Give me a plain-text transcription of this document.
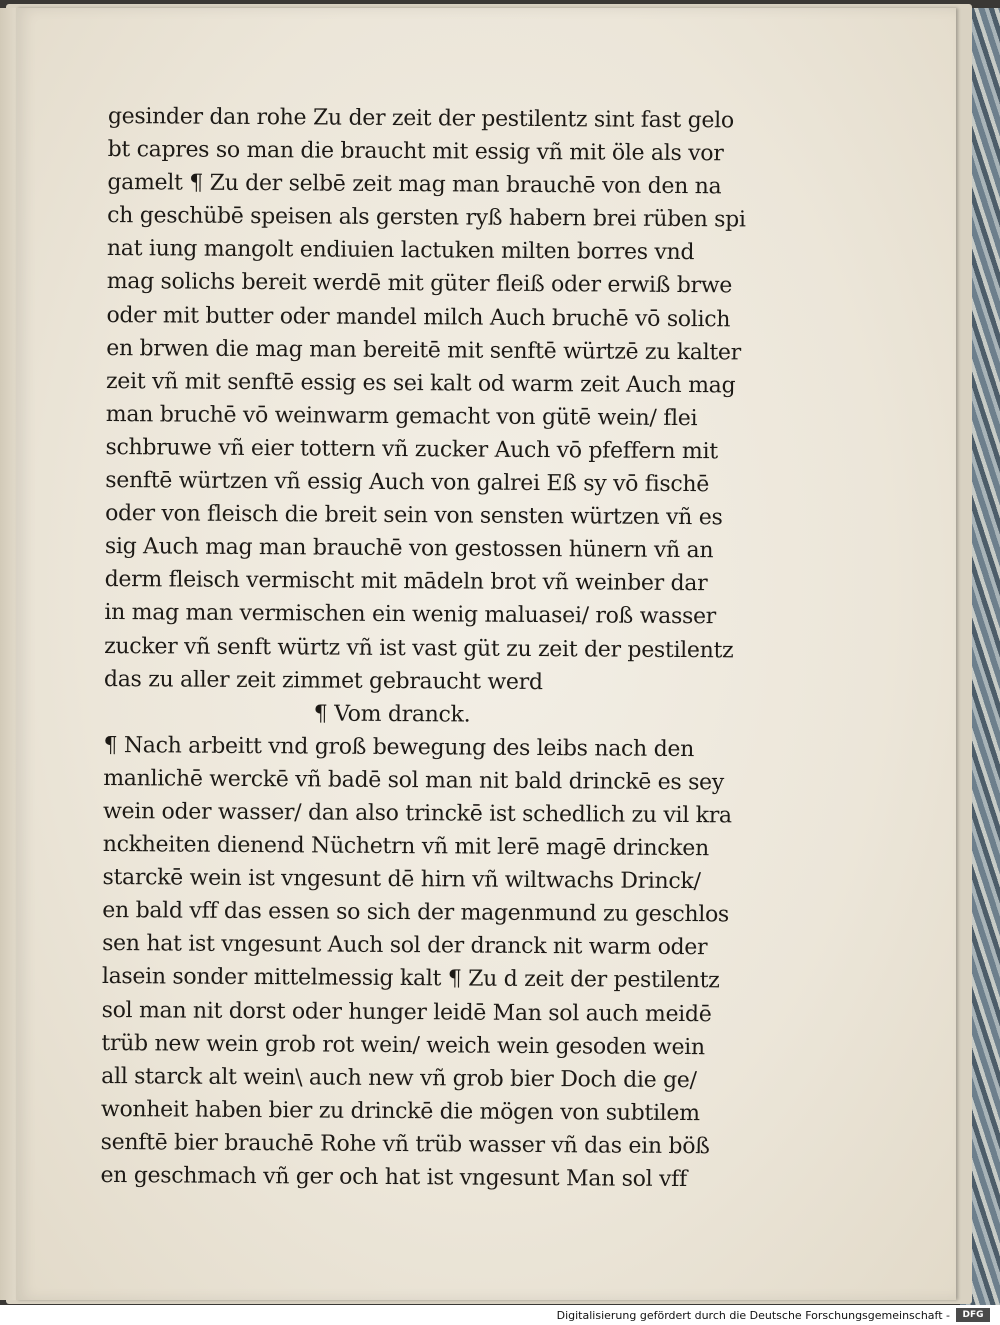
gesinder dan rohe Zu der zeit der pestilentz sint fast gelo
bt capres so man die braucht mit essig vñ mit öle als vor
gamelt ¶ Zu der selbē zeit mag man brauchē von den na
ch geschübē speisen als gersten ryß habern brei rüben spi
nat iung mangolt endiuien lactuken milten borres vnd
mag solichs bereit werdē mit güter fleiß oder erwiß brwe
oder mit butter oder mandel milch Auch bruchē vō solich
en brwen die mag man bereitē mit senftē würtzē zu kalter
zeit vñ mit senftē essig es sei kalt od warm zeit Auch mag
man bruchē vō weinwarm gemacht von gütē wein/ flei
schbruwe vñ eier tottern vñ zucker Auch vō pfeffern mit
senftē würtzen vñ essig Auch von galrei Eß sy vō fischē
oder von fleisch die breit sein von sensten würtzen vñ es
sig Auch mag man brauchē von gestossen hünern vñ an
derm fleisch vermischt mit mādeln brot vñ weinber dar
in mag man vermischen ein wenig maluasei/ roß wasser
zucker vñ senft würtz vñ ist vast güt zu zeit der pestilentz
das zu aller zeit zimmet gebraucht werd
¶ Vom dranck.
¶ Nach arbeitt vnd groß bewegung des leibs nach den
manlichē werckē vñ badē sol man nit bald drinckē es sey
wein oder wasser/ dan also trinckē ist schedlich zu vil kra
nckheiten dienend Nüchetrn vñ mit lerē magē drincken
starckē wein ist vngesunt dē hirn vñ wiltwachs Drinck/
en bald vff das essen so sich der magenmund zu geschlos
sen hat ist vngesunt Auch sol der dranck nit warm oder
lasein sonder mittelmessig kalt ¶ Zu d zeit der pestilentz
sol man nit dorst oder hunger leidē Man sol auch meidē
trüb new wein grob rot wein/ weich wein gesoden wein
all starck alt wein\ auch new vñ grob bier Doch die ge/
wonheit haben bier zu drinckē die mögen von subtilem
senftē bier brauchē Rohe vñ trüb wasser vñ das ein böß
en geschmach vñ ger och hat ist vngesunt Man sol vff
Digitalisierung gefördert durch die Deutsche Forschungsgemeinschaft -	DFG
